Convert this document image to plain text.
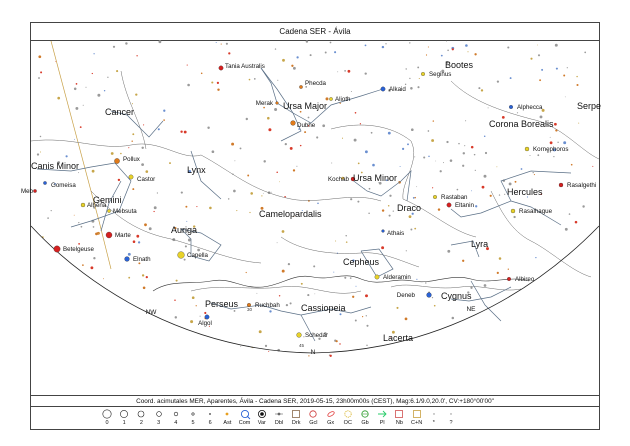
Cadena SER - Ávila
Tania Australis
Seginus
Phecda
Alkaid
Merak
Alioth
Alphecca
Dubhe
Kornephoros
Pollux
Castor	Kochab
Rasalgethi
Gomeisa
Rastaban
Eltanin
Rasalhague
Alhena
Mebsuta
Meb
Athais
Marte
Capella
Betelgeuse
Elnath
Alderamin	Albireo
Deneb
Ruchbah
Algol
Schedar
Cancer
Ursa Major
Bootes
Corona Borealis
Serpe
Canis Minor
Gemini
Lynx
Ursa Minor
Camelopardalis
Draco
Hercules
Auriga
Cepheus
Lyra
Cygnus
Perseus	Cassiopeia
Lacerta
NW
N
NE
30
45
Coord. acimutales MER, Aparentes, Ávila - Cadena SER, 2019-05-15, 23h00m00s (CEST), Mag:6.1/9.0,20.0', CV:+180°00'00"
0	1	2	3	4	5	6	Ast	Com	Var	Dbl	Drk	Gcl	Gx	OC	Gb	Pl	Nb	C+N	*	?
